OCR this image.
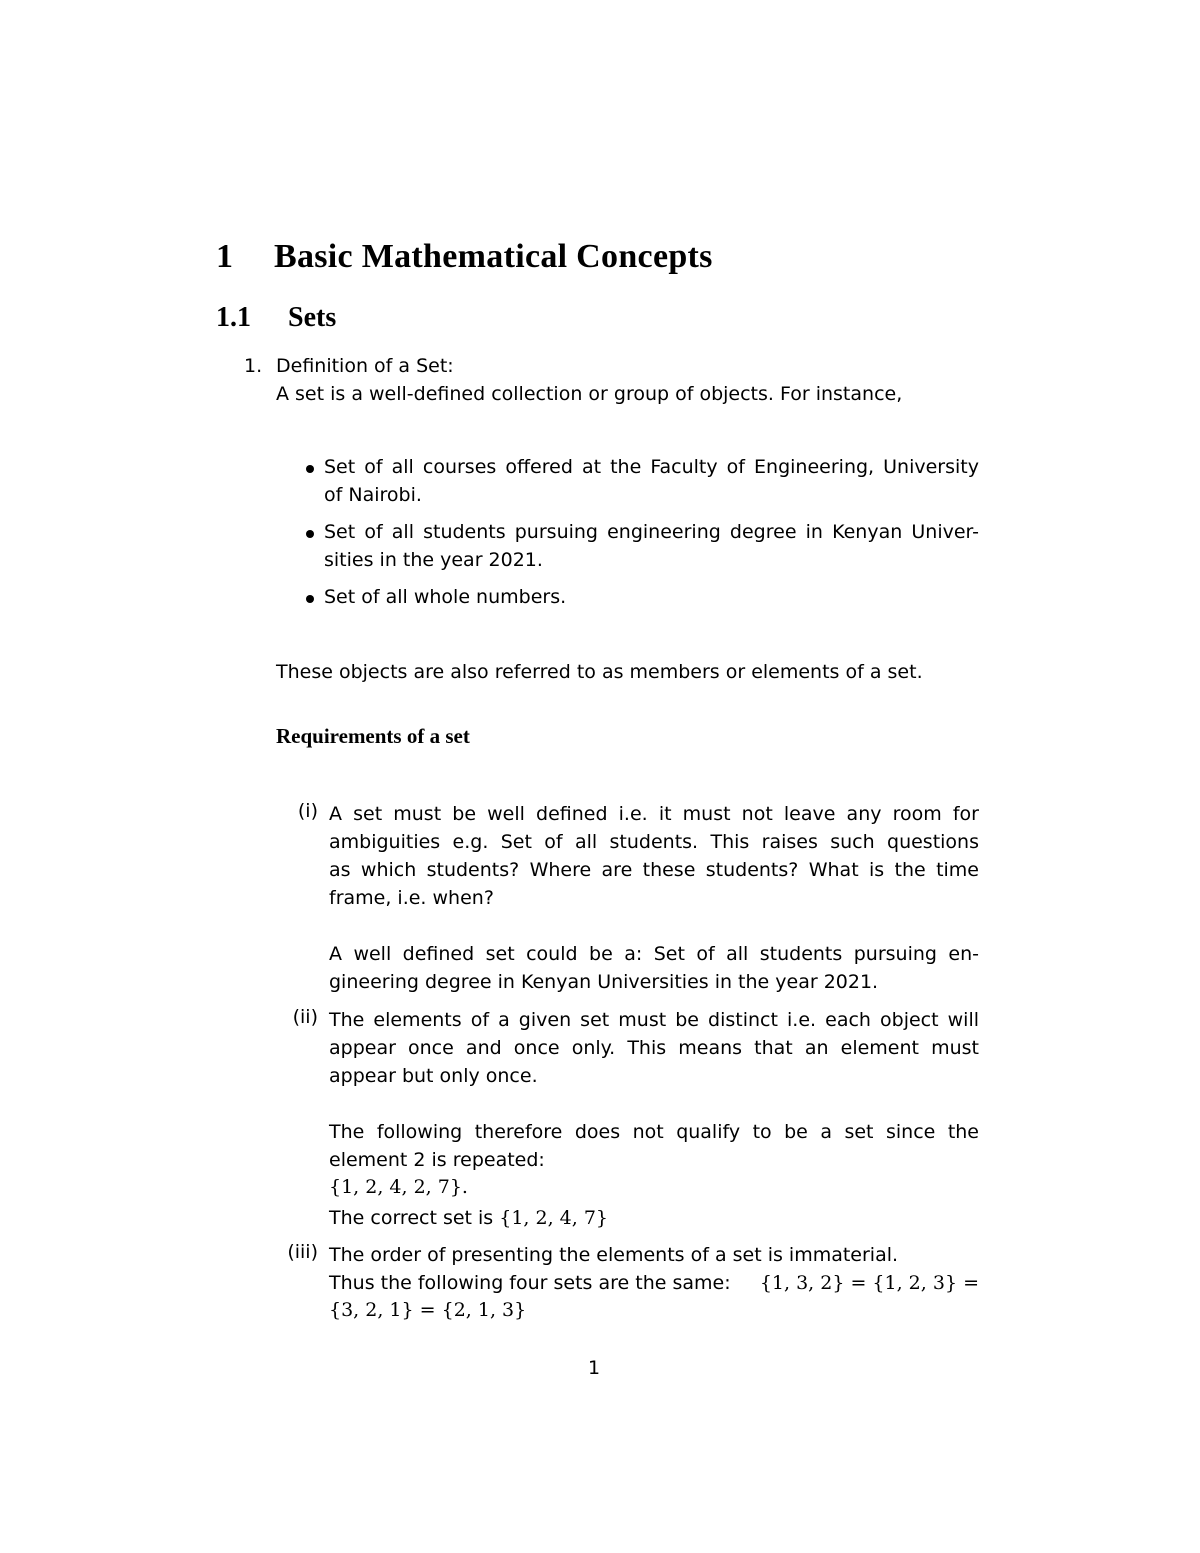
1 Basic Mathematical Concepts
1.1 Sets
1. Definition of a Set:
A set is a well-defined collection or group of objects. For instance,
Set of all courses offered at the Faculty of Engineering, University
of Nairobi.
Set of all students pursuing engineering degree in Kenyan Univer-
sities in the year 2021.
Set of all whole numbers.
These objects are also referred to as members or elements of a set.
Requirements of a set
(i) A set must be well defined i.e. it must not leave any room for
ambiguities e.g. Set of all students. This raises such questions
as which students? Where are these students? What is the time
frame, i.e. when?
A well defined set could be a: Set of all students pursuing en-
gineering degree in Kenyan Universities in the year 2021.
(ii) The elements of a given set must be distinct i.e. each object will
appear once and once only. This means that an element must
appear but only once.
The following therefore does not qualify to be a set since the
element 2 is repeated:
{1, 2, 4, 2, 7}.
The correct set is {1, 2, 4, 7}
(iii) The order of presenting the elements of a set is immaterial.
Thus the following four sets are the same: {1, 3, 2} = {1, 2, 3} =
{3, 2, 1} = {2, 1, 3}
1
